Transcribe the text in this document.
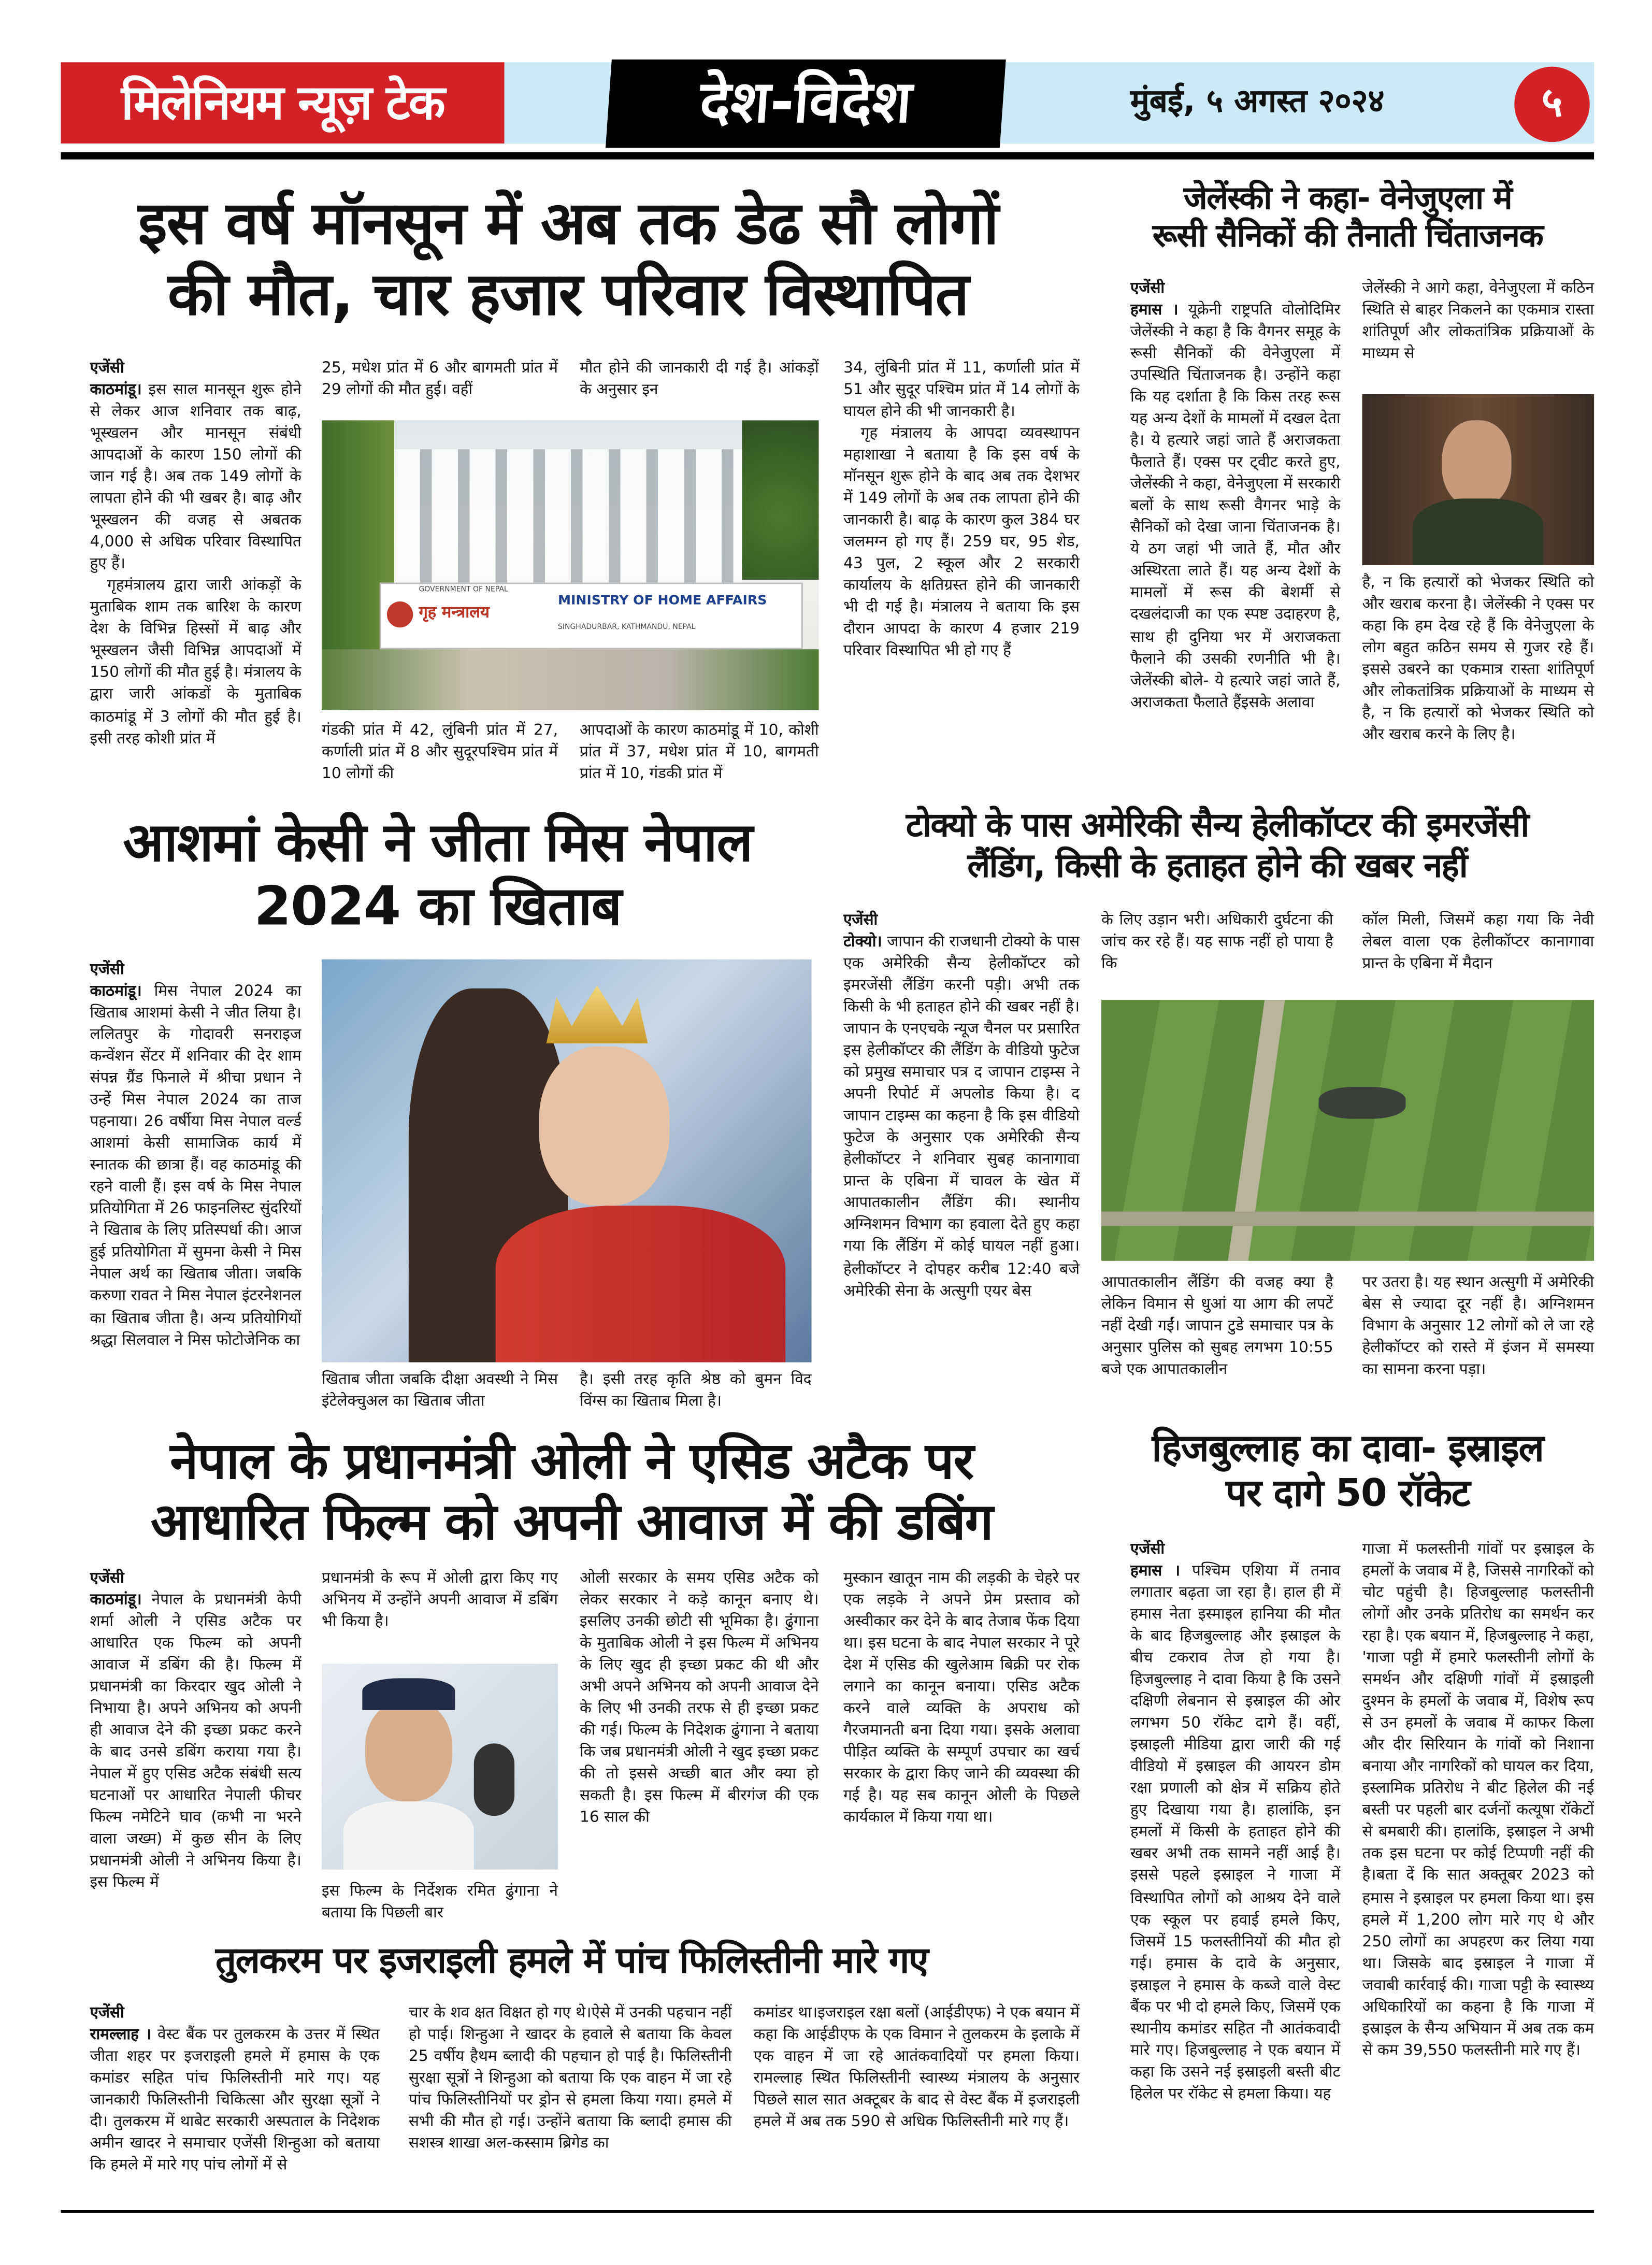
मिलेनियम न्यूज़ टेक	देश-विदेश	मुंबई, ५ अगस्त २०२४	५
इस वर्ष मॉनसून में अब तक डेढ सौ लोगों
की मौत, चार हजार परिवार विस्थापित
एजेंसी

काठमांडू। इस साल मानसून शुरू होने से लेकर आज शनिवार तक बाढ़, भूस्खलन और मानसून संबंधी आपदाओं के कारण 150 लोगों की जान गई है। अब तक 149 लोगों के लापता होने की भी खबर है। बाढ़ और भूस्खलन की वजह से अबतक 4,000 से अधिक परिवार विस्थापित हुए हैं।

गृहमंत्रालय द्वारा जारी आंकड़ों के मुताबिक शाम तक बारिश के कारण देश के विभिन्न हिस्सों में बाढ़ और भूस्खलन जैसी विभिन्न आपदाओं में 150 लोगों की मौत हुई है। मंत्रालय के द्वारा जारी आंकडों के मुताबिक काठमांडू में 3 लोगों की मौत हुई है। इसी तरह कोशी प्रांत में

25, मधेश प्रांत में 6 और बागमती प्रांत में 29 लोगों की मौत हुई। वहीं

मौत होने की जानकारी दी गई है। आंकड़ों के अनुसार इन

GOVERNMENT OF NEPAL
गृह मन्त्रालय
MINISTRY OF HOME AFFAIRS
SINGHADURBAR, KATHMANDU, NEPAL

गंडकी प्रांत में 42, लुंबिनी प्रांत में 27, कर्णाली प्रांत में 8 और सुदूरपश्चिम प्रांत में 10 लोगों की

आपदाओं के कारण काठमांडू में 10, कोशी प्रांत में 37, मधेश प्रांत में 10, बागमती प्रांत में 10, गंडकी प्रांत में

34, लुंबिनी प्रांत में 11, कर्णाली प्रांत में 51 और सुदूर पश्चिम प्रांत में 14 लोगों के घायल होने की भी जानकारी है।

गृह मंत्रालय के आपदा व्यवस्थापन महाशाखा ने बताया है कि इस वर्ष के मॉनसून शुरू होने के बाद अब तक देशभर में 149 लोगों के अब तक लापता होने की जानकारी है। बाढ़ के कारण कुल 384 घर जलमग्न हो गए हैं। 259 घर, 95 शेड, 43 पुल, 2 स्कूल और 2 सरकारी कार्यालय के क्षतिग्रस्त होने की जानकारी भी दी गई है। मंत्रालय ने बताया कि इस दौरान आपदा के कारण 4 हजार 219 परिवार विस्थापित भी हो गए हैं

जेलेंस्की ने कहा- वेनेजुएला में
रूसी सैनिकों की तैनाती चिंताजनक
एजेंसी

हमास । यूक्रेनी राष्ट्रपति वोलोदिमिर जेलेंस्की ने कहा है कि वैगनर समूह के रूसी सैनिकों की वेनेजुएला में उपस्थिति चिंताजनक है। उन्होंने कहा कि यह दर्शाता है कि किस तरह रूस यह अन्य देशों के मामलों में दखल देता है। ये हत्यारे जहां जाते हैं अराजकता फैलाते हैं। एक्स पर ट्वीट करते हुए, जेलेंस्की ने कहा, वेनेजुएला में सरकारी बलों के साथ रूसी वैगनर भाड़े के सैनिकों को देखा जाना चिंताजनक है। ये ठग जहां भी जाते हैं, मौत और अस्थिरता लाते हैं। यह अन्य देशों के मामलों में रूस की बेशर्मी से दखलंदाजी का एक स्पष्ट उदाहरण है, साथ ही दुनिया भर में अराजकता फैलाने की उसकी रणनीति भी है। जेलेंस्की बोले- ये हत्यारे जहां जाते हैं, अराजकता फैलाते हैंइसके अलावा

जेलेंस्की ने आगे कहा, वेनेजुएला में कठिन स्थिति से बाहर निकलने का एकमात्र रास्ता शांतिपूर्ण और लोकतांत्रिक प्रक्रियाओं के माध्यम से

है, न कि हत्यारों को भेजकर स्थिति को और खराब करना है। जेलेंस्की ने एक्स पर कहा कि हम देख रहे हैं कि वेनेजुएला के लोग बहुत कठिन समय से गुजर रहे हैं। इससे उबरने का एकमात्र रास्ता शांतिपूर्ण और लोकतांत्रिक प्रक्रियाओं के माध्यम से है, न कि हत्यारों को भेजकर स्थिति को और खराब करने के लिए है।

आशमां केसी ने जीता मिस नेपाल
2024 का खिताब
एजेंसी

काठमांडू। मिस नेपाल 2024 का खिताब आशमां केसी ने जीत लिया है। ललितपुर के गोदावरी सनराइज कन्वेंशन सेंटर में शनिवार की देर शाम संपन्न ग्रैंड फिनाले में श्रीचा प्रधान ने उन्हें मिस नेपाल 2024 का ताज पहनाया। 26 वर्षीया मिस नेपाल वर्ल्ड आशमां केसी सामाजिक कार्य में स्नातक की छात्रा हैं। वह काठमांडू की रहने वाली हैं। इस वर्ष के मिस नेपाल प्रतियोगिता में 26 फाइनलिस्ट सुंदरियों ने खिताब के लिए प्रतिस्पर्धा की। आज हुई प्रतियोगिता में सुमना केसी ने मिस नेपाल अर्थ का खिताब जीता। जबकि करुणा रावत ने मिस नेपाल इंटरनेशनल का खिताब जीता है। अन्य प्रतियोगियों श्रद्धा सिलवाल ने मिस फोटोजेनिक का

खिताब जीता जबकि दीक्षा अवस्थी ने मिस इंटेलेक्चुअल का खिताब जीता

है। इसी तरह कृति श्रेष्ठ को बुमन विद विंग्स का खिताब मिला है।

टोक्यो के पास अमेरिकी सैन्य हेलीकॉप्टर की इमरजेंसी
लैंडिंग, किसी के हताहत होने की खबर नहीं
एजेंसी

टोक्यो। जापान की राजधानी टोक्यो के पास एक अमेरिकी सैन्य हेलीकॉप्टर को इमरजेंसी लैंडिंग करनी पड़ी। अभी तक किसी के भी हताहत होने की खबर नहीं है। जापान के एनएचके न्यूज चैनल पर प्रसारित इस हेलीकॉप्टर की लैंडिंग के वीडियो फुटेज को प्रमुख समाचार पत्र द जापान टाइम्स ने अपनी रिपोर्ट में अपलोड किया है। द जापान टाइम्स का कहना है कि इस वीडियो फुटेज के अनुसार एक अमेरिकी सैन्य हेलीकॉप्टर ने शनिवार सुबह कानागावा प्रान्त के एबिना में चावल के खेत में आपातकालीन लैंडिंग की। स्थानीय अग्निशमन विभाग का हवाला देते हुए कहा गया कि लैंडिंग में कोई घायल नहीं हुआ। हेलीकॉप्टर ने दोपहर करीब 12:40 बजे अमेरिकी सेना के अत्सुगी एयर बेस

के लिए उड़ान भरी। अधिकारी दुर्घटना की जांच कर रहे हैं। यह साफ नहीं हो पाया है कि

कॉल मिली, जिसमें कहा गया कि नेवी लेबल वाला एक हेलीकॉप्टर कानागावा प्रान्त के एबिना में मैदान

आपातकालीन लैंडिंग की वजह क्या है लेकिन विमान से धुआं या आग की लपटें नहीं देखी गईं। जापान टुडे समाचार पत्र के अनुसार पुलिस को सुबह लगभग 10:55 बजे एक आपातकालीन

पर उतरा है। यह स्थान अत्सुगी में अमेरिकी बेस से ज्यादा दूर नहीं है। अग्निशमन विभाग के अनुसार 12 लोगों को ले जा रहे हेलीकॉप्टर को रास्ते में इंजन में समस्या का सामना करना पड़ा।

नेपाल के प्रधानमंत्री ओली ने एसिड अटैक पर
आधारित फिल्म को अपनी आवाज में की डबिंग
एजेंसी

काठमांडू। नेपाल के प्रधानमंत्री केपी शर्मा ओली ने एसिड अटैक पर आधारित एक फिल्म को अपनी आवाज में डबिंग की है। फिल्म में प्रधानमंत्री का किरदार खुद ओली ने निभाया है। अपने अभिनय को अपनी ही आवाज देने की इच्छा प्रकट करने के बाद उनसे डबिंग कराया गया है। नेपाल में हुए एसिड अटैक संबंधी सत्य घटनाओं पर आधारित नेपाली फीचर फिल्म नमेटिने घाव (कभी ना भरने वाला जख्म) में कुछ सीन के लिए प्रधानमंत्री ओली ने अभिनय किया है। इस फिल्म में

प्रधानमंत्री के रूप में ओली द्वारा किए गए अभिनय में उन्होंने अपनी आवाज में डबिंग भी किया है।

इस फिल्म के निर्देशक रमित ढुंगाना ने बताया कि पिछली बार

ओली सरकार के समय एसिड अटैक को लेकर सरकार ने कड़े कानून बनाए थे। इसलिए उनकी छोटी सी भूमिका है। ढुंगाना के मुताबिक ओली ने इस फिल्म में अभिनय के लिए खुद ही इच्छा प्रकट की थी और अभी अपने अभिनय को अपनी आवाज देने के लिए भी उनकी तरफ से ही इच्छा प्रकट की गई। फिल्म के निदेशक ढुंगाना ने बताया कि जब प्रधानमंत्री ओली ने खुद इच्छा प्रकट की तो इससे अच्छी बात और क्या हो सकती है। इस फिल्म में बीरगंज की एक 16 साल की

मुस्कान खातून नाम की लड़की के चेहरे पर एक लड़के ने अपने प्रेम प्रस्ताव को अस्वीकार कर देने के बाद तेजाब फेंक दिया था। इस घटना के बाद नेपाल सरकार ने पूरे देश में एसिड की खुलेआम बिक्री पर रोक लगाने का कानून बनाया। एसिड अटैक करने वाले व्यक्ति के अपराध को गैरजमानती बना दिया गया। इसके अलावा पीड़ित व्यक्ति के सम्पूर्ण उपचार का खर्च सरकार के द्वारा किए जाने की व्यवस्था की गई है। यह सब कानून ओली के पिछले कार्यकाल में किया गया था।

हिजबुल्लाह का दावा- इस्राइल
पर दागे 50 रॉकेट
एजेंसी

हमास । पश्चिम एशिया में तनाव लगातार बढ़ता जा रहा है। हाल ही में हमास नेता इस्माइल हानिया की मौत के बाद हिजबुल्लाह और इस्राइल के बीच टकराव तेज हो गया है। हिजबुल्लाह ने दावा किया है कि उसने दक्षिणी लेबनान से इस्राइल की ओर लगभग 50 रॉकेट दागे हैं। वहीं, इस्राइली मीडिया द्वारा जारी की गई वीडियो में इस्राइल की आयरन डोम रक्षा प्रणाली को क्षेत्र में सक्रिय होते हुए दिखाया गया है। हालांकि, इन हमलों में किसी के हताहत होने की खबर अभी तक सामने नहीं आई है। इससे पहले इस्राइल ने गाजा में विस्थापित लोगों को आश्रय देने वाले एक स्कूल पर हवाई हमले किए, जिसमें 15 फलस्तीनियों की मौत हो गई। हमास के दावे के अनुसार, इस्राइल ने हमास के कब्जे वाले वेस्ट बैंक पर भी दो हमले किए, जिसमें एक स्थानीय कमांडर सहित नौ आतंकवादी मारे गए। हिजबुल्लाह ने एक बयान में कहा कि उसने नई इस्राइली बस्ती बीट हिलेल पर रॉकेट से हमला किया। यह

गाजा में फलस्तीनी गांवों पर इस्राइल के हमलों के जवाब में है, जिससे नागरिकों को चोट पहुंची है। हिजबुल्लाह फलस्तीनी लोगों और उनके प्रतिरोध का समर्थन कर रहा है। एक बयान में, हिजबुल्लाह ने कहा, 'गाजा पट्टी में हमारे फलस्तीनी लोगों के समर्थन और दक्षिणी गांवों में इस्राइली दुश्मन के हमलों के जवाब में, विशेष रूप से उन हमलों के जवाब में काफर किला और दीर सिरियान के गांवों को निशाना बनाया और नागरिकों को घायल कर दिया, इस्लामिक प्रतिरोध ने बीट हिलेल की नई बस्ती पर पहली बार दर्जनों कत्यूषा रॉकेटों से बमबारी की। हालांकि, इस्राइल ने अभी तक इस घटना पर कोई टिप्पणी नहीं की है।बता दें कि सात अक्तूबर 2023 को हमास ने इस्राइल पर हमला किया था। इस हमले में 1,200 लोग मारे गए थे और 250 लोगों का अपहरण कर लिया गया था। जिसके बाद इस्राइल ने गाजा में जवाबी कार्रवाई की। गाजा पट्टी के स्वास्थ्य अधिकारियों का कहना है कि गाजा में इस्राइल के सैन्य अभियान में अब तक कम से कम 39,550 फलस्तीनी मारे गए हैं।

तुलकरम पर इजराइली हमले में पांच फिलिस्तीनी मारे गए
एजेंसी

रामल्लाह । वेस्ट बैंक पर तुलकरम के उत्तर में स्थित जीता शहर पर इजराइली हमले में हमास के एक कमांडर सहित पांच फिलिस्तीनी मारे गए। यह जानकारी फिलिस्तीनी चिकित्सा और सुरक्षा सूत्रों ने दी। तुलकरम में थाबेट सरकारी अस्पताल के निदेशक अमीन खादर ने समाचार एजेंसी शिन्हुआ को बताया कि हमले में मारे गए पांच लोगों में से

चार के शव क्षत विक्षत हो गए थे।ऐसे में उनकी पहचान नहीं हो पाई। शिन्हुआ ने खादर के हवाले से बताया कि केवल 25 वर्षीय हैथम ब्लादी की पहचान हो पाई है। फिलिस्तीनी सुरक्षा सूत्रों ने शिन्हुआ को बताया कि एक वाहन में जा रहे पांच फिलिस्तीनियों पर ड्रोन से हमला किया गया। हमले में सभी की मौत हो गई। उन्होंने बताया कि ब्लादी हमास की सशस्त्र शाखा अल-कस्साम ब्रिगेड का

कमांडर था।इजराइल रक्षा बलों (आईडीएफ) ने एक बयान में कहा कि आईडीएफ के एक विमान ने तुलकरम के इलाके में एक वाहन में जा रहे आतंकवादियों पर हमला किया। रामल्लाह स्थित फिलिस्तीनी स्वास्थ्य मंत्रालय के अनुसार पिछले साल सात अक्टूबर के बाद से वेस्ट बैंक में इजराइली हमले में अब तक 590 से अधिक फिलिस्तीनी मारे गए हैं।
